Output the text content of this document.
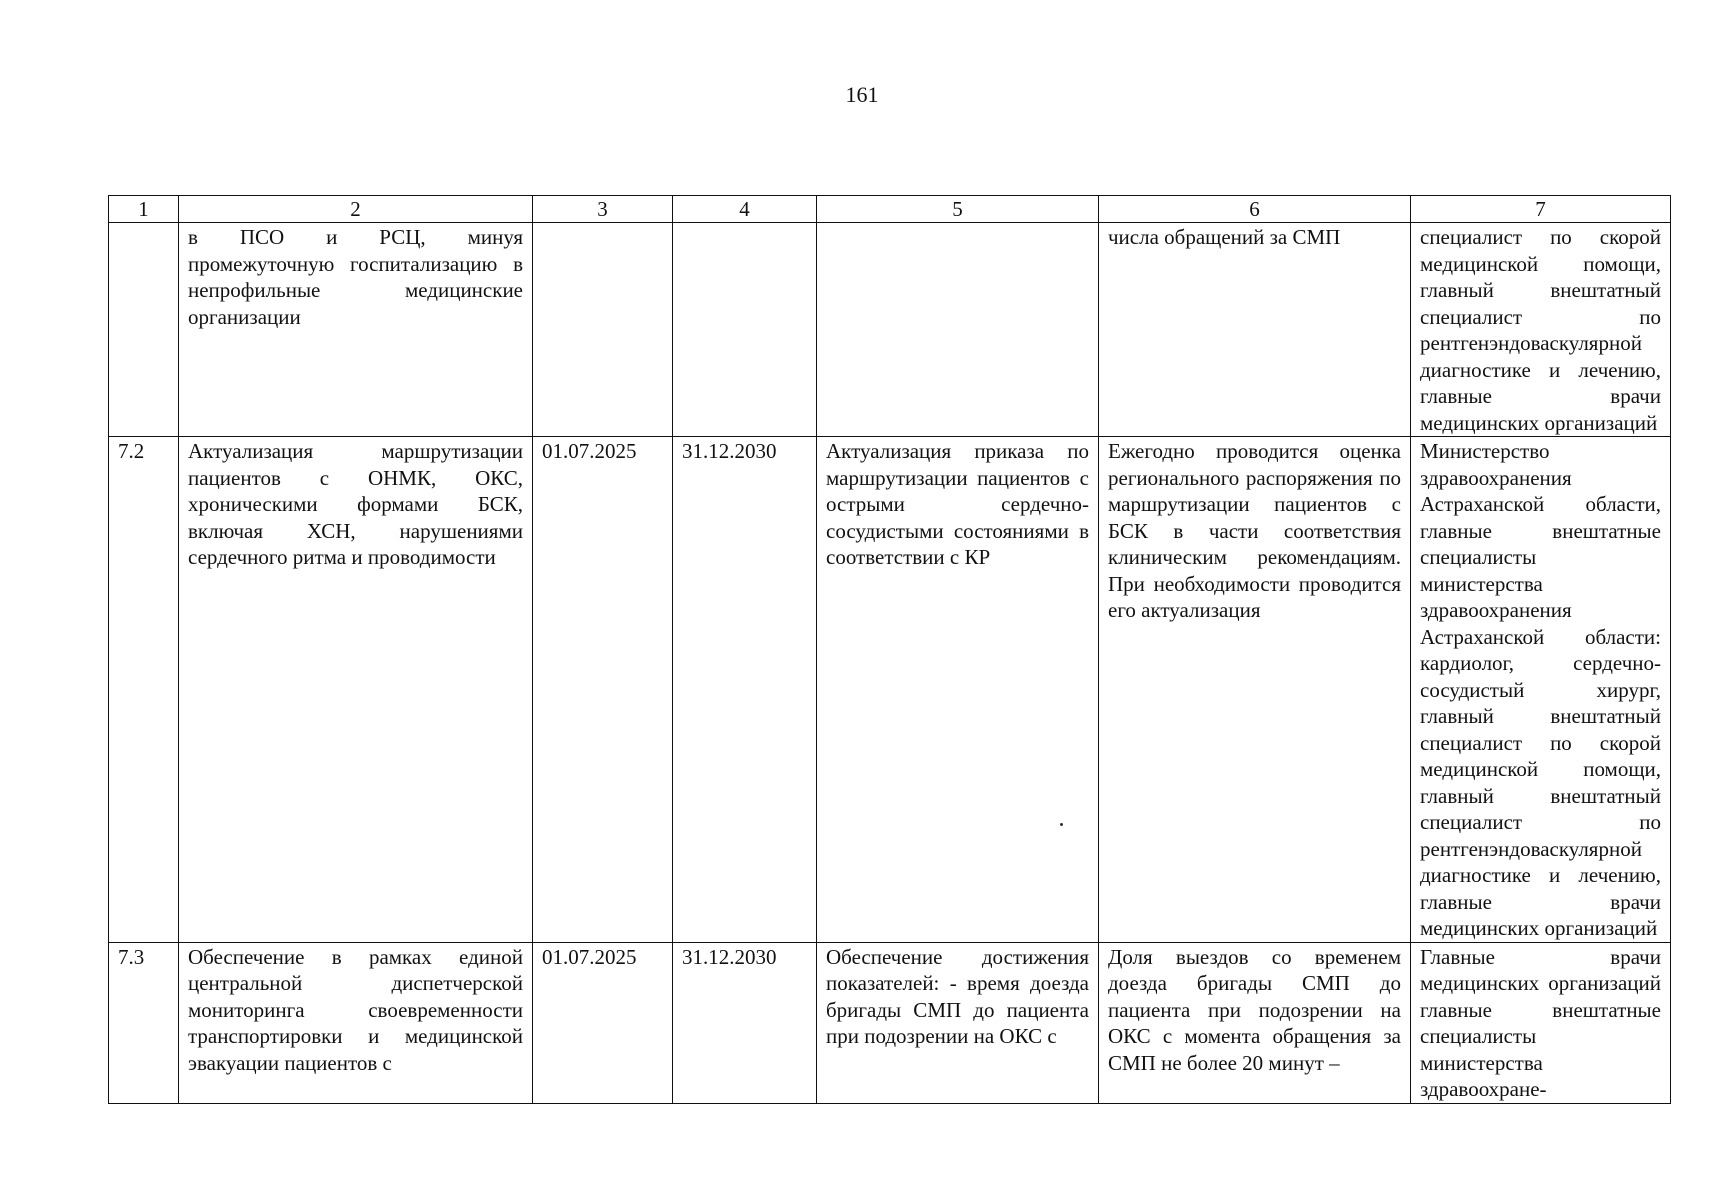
161
1	2	3	4	5	6	7
	в ПСО и РСЦ, минуя промежуточную госпитализацию в непрофильные медицинские организации				числа обращений за СМП	специалист по скорой медицинской помощи, главный внештатный специалист по рентгенэндоваскулярной диагностике и лечению, главные врачи медицинских организаций
7.2	Актуализация маршрутизации пациентов с ОНМК, ОКС, хроническими формами БСК, включая ХСН, нарушениями сердечного ритма и проводимости	01.07.2025	31.12.2030	Актуализация приказа по маршрутизации пациентов с острыми сердечно-сосудистыми состояниями в соответствии с КР	Ежегодно проводится оценка регионального распоряжения по маршрутизации пациентов с БСК в части соответствия клиническим рекомендациям. При необходимости проводится его актуализация	Министерство здравоохранения Астраханской области, главные внештатные специалисты министерства здравоохранения Астраханской области: кардиолог, сердечно-сосудистый хирург, главный внештатный специалист по скорой медицинской помощи, главный внештатный специалист по рентгенэндоваскулярной диагностике и лечению, главные врачи медицинских организаций
7.3	Обеспечение в рамках единой центральной диспетчерской мониторинга своевременности транспортировки и медицинской эвакуации пациентов с	01.07.2025	31.12.2030	Обеспечение достижения показателей: - время доезда бригады СМП до пациента при подозрении на ОКС с	Доля выездов со временем доезда бригады СМП до пациента при подозрении на ОКС с момента обращения за СМП не более 20 минут –	Главные врачи медицинских организаций главные внештатные специалисты министерства здравоохране-
